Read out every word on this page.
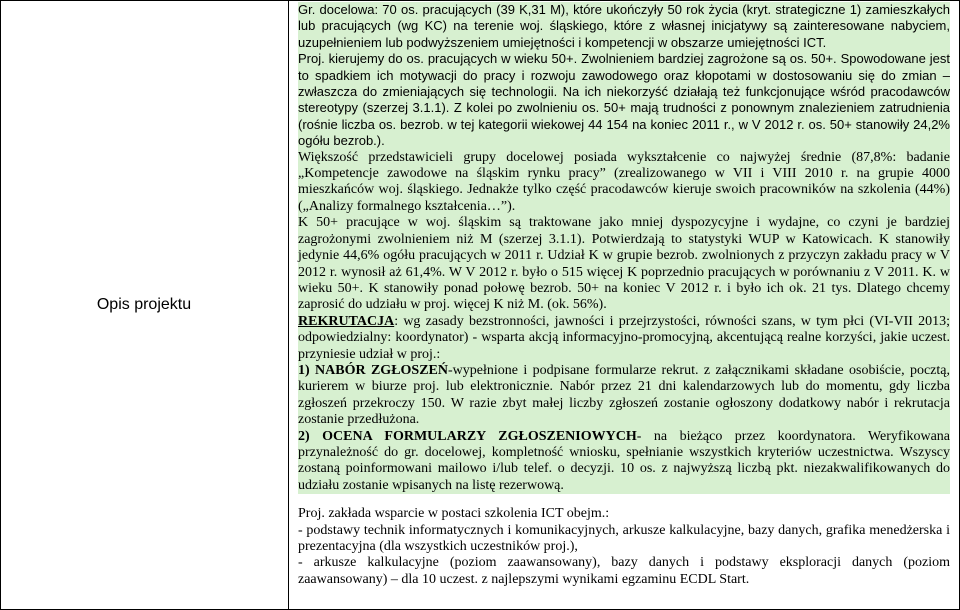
Opis projektu

Gr. docelowa: 70 os. pracujących (39 K,31 M), które ukończyły 50 rok życia (kryt. strategiczne 1) zamieszkałych lub pracujących (wg KC) na terenie woj. śląskiego, które z własnej inicjatywy są zainteresowane nabyciem, uzupełnieniem lub podwyższeniem umiejętności i kompetencji w obszarze umiejętności ICT.

Proj. kierujemy do os. pracujących w wieku 50+. Zwolnieniem bardziej zagrożone są os. 50+. Spowodowane jest to spadkiem ich motywacji do pracy i rozwoju zawodowego oraz kłopotami w dostosowaniu się do zmian – zwłaszcza do zmieniających się technologii. Na ich niekorzyść działają też funkcjonujące wśród pracodawców stereotypy (szerzej 3.1.1). Z kolei po zwolnieniu os. 50+ mają trudności z ponownym znalezieniem zatrudnienia (rośnie liczba os. bezrob. w tej kategorii wiekowej 44 154 na koniec 2011 r., w V 2012 r. os. 50+ stanowiły 24,2% ogółu bezrob.).

Większość przedstawicieli grupy docelowej posiada wykształcenie co najwyżej średnie (87,8%: badanie „Kompetencje zawodowe na śląskim rynku pracy” (zrealizowanego w VII i VIII 2010 r. na grupie 4000 mieszkańców woj. śląskiego. Jednakże tylko część pracodawców kieruje swoich pracowników na szkolenia (44%) („Analizy formalnego kształcenia…”).

K 50+ pracujące w woj. śląskim są traktowane jako mniej dyspozycyjne i wydajne, co czyni je bardziej zagrożonymi zwolnieniem niż M (szerzej 3.1.1). Potwierdzają to statystyki WUP w Katowicach. K stanowiły jedynie 44,6% ogółu pracujących w 2011 r. Udział K w grupie bezrob. zwolnionych z przyczyn zakładu pracy w V 2012 r. wynosił aż 61,4%. W V 2012 r. było o 515 więcej K poprzednio pracujących w porównaniu z V 2011. K. w wieku 50+. K stanowiły ponad połowę bezrob. 50+ na koniec V 2012 r. i było ich ok. 21 tys. Dlatego chcemy zaprosić do udziału w proj. więcej K niż M. (ok. 56%).

REKRUTACJA: wg zasady bezstronności, jawności i przejrzystości, równości szans, w tym płci (VI-VII 2013; odpowiedzialny: koordynator) - wsparta akcją informacyjno-promocyjną, akcentującą realne korzyści, jakie uczest. przyniesie udział w proj.:

1) NABÓR ZGŁOSZEŃ-wypełnione i podpisane formularze rekrut. z załącznikami składane osobiście, pocztą, kurierem w biurze proj. lub elektronicznie. Nabór przez 21 dni kalendarzowych lub do momentu, gdy liczba zgłoszeń przekroczy 150. W razie zbyt małej liczby zgłoszeń zostanie ogłoszony dodatkowy nabór i rekrutacja zostanie przedłużona.

2) OCENA FORMULARZY ZGŁOSZENIOWYCH- na bieżąco przez koordynatora. Weryfikowana przynależność do gr. docelowej, kompletność wniosku, spełnianie wszystkich kryteriów uczestnictwa. Wszyscy zostaną poinformowani mailowo i/lub telef. o decyzji. 10 os. z najwyższą liczbą pkt. niezakwalifikowanych do udziału zostanie wpisanych na listę rezerwową.

Proj. zakłada wsparcie w postaci szkolenia ICT obejm.:

- podstawy technik informatycznych i komunikacyjnych, arkusze kalkulacyjne, bazy danych, grafika menedżerska i prezentacyjna (dla wszystkich uczestników proj.),

- arkusze kalkulacyjne (poziom zaawansowany), bazy danych i podstawy eksploracji danych (poziom zaawansowany) – dla 10 uczest. z najlepszymi wynikami egzaminu ECDL Start.
